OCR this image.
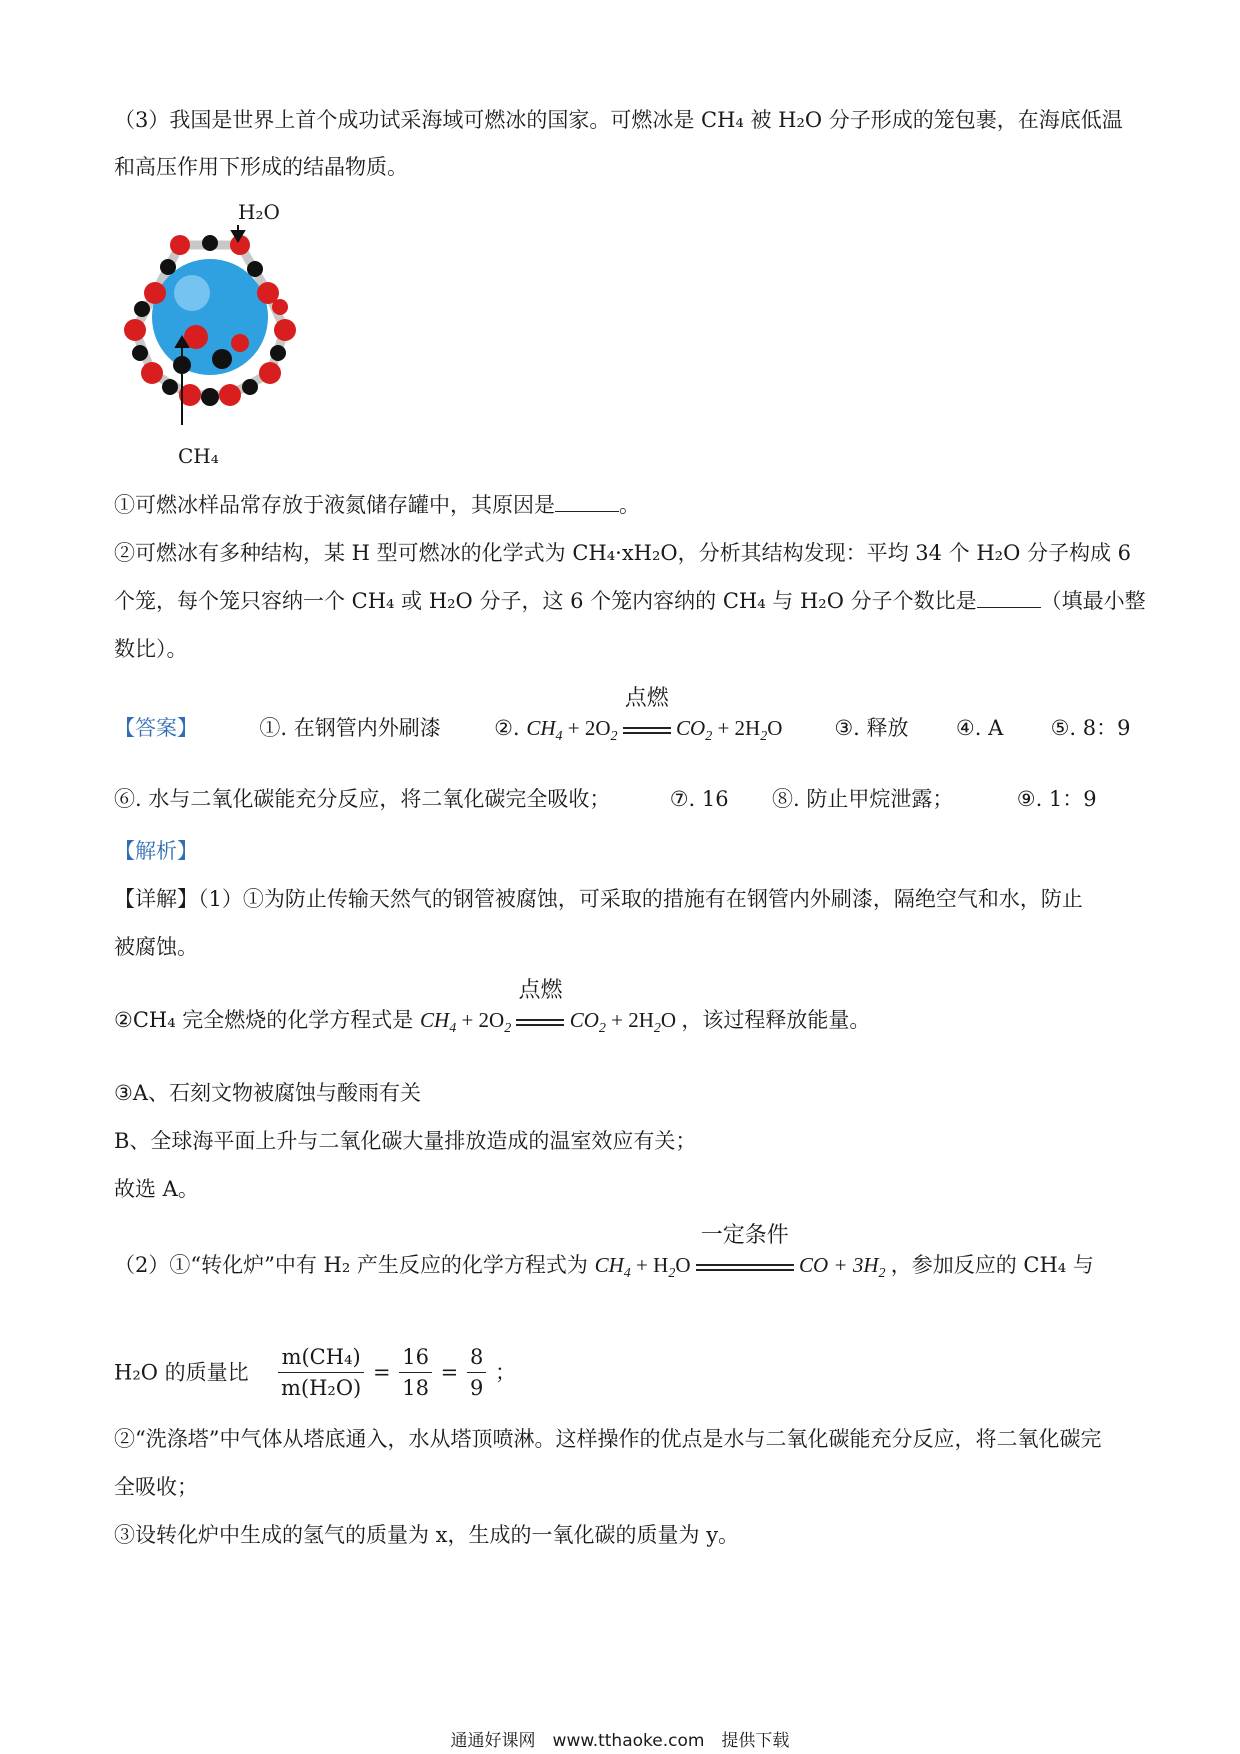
（3）我国是世界上首个成功试采海域可燃冰的国家。可燃冰是 CH₄ 被 H₂O 分子形成的笼包裹，在海底低温
和高压作用下形成的结晶物质。
H₂O
CH₄
①可燃冰样品常存放于液氮储存罐中，其原因是	。
②可燃冰有多种结构，某 H 型可燃冰的化学式为 CH₄·xH₂O，分析其结构发现：平均 34 个 H₂O 分子构成 6
个笼，每个笼只容纳一个 CH₄ 或 H₂O 分子，这 6 个笼内容纳的 CH₄ 与 H₂O 分子个数比是	（填最小整
数比）。
【答案】	①. 在钢管内外刷漆	②. $CH_4 + 2O_2$
点燃
$CO_2 + 2H_2O$ ③. 释放 ④. A ⑤. 8：9
⑥. 水与二氧化碳能充分反应，将二氧化碳完全吸收；	⑦. 16 ⑧. 防止甲烷泄露；	⑨. 1：9
【解析】
【详解】（1）①为防止传输天然气的钢管被腐蚀，可采取的措施有在钢管内外刷漆，隔绝空气和水，防止
被腐蚀。
②CH₄ 完全燃烧的化学方程式是 $CH_4 + 2O_2$
点燃
$CO_2 + 2H_2O$ ，该过程释放能量。
③A、石刻文物被腐蚀与酸雨有关
B、全球海平面上升与二氧化碳大量排放造成的温室效应有关；
故选 A。
（2）①“转化炉”中有 H₂ 产生反应的化学方程式为 $CH_4 + H_2O$
一定条件
CO + $3H_2$ ，参加反应的 CH₄ 与
H₂O 的质量比 $\frac{\text{m(CH₄)}}{\text{m(H₂O)}} = \frac{16}{18} = \frac{8}{9}$ ；
②“洗涤塔”中气体从塔底通入，水从塔顶喷淋。这样操作的优点是水与二氧化碳能充分反应，将二氧化碳完
全吸收；
③设转化炉中生成的氢气的质量为 x，生成的一氧化碳的质量为 y。
通通好课网　www.tthaoke.com　提供下载
